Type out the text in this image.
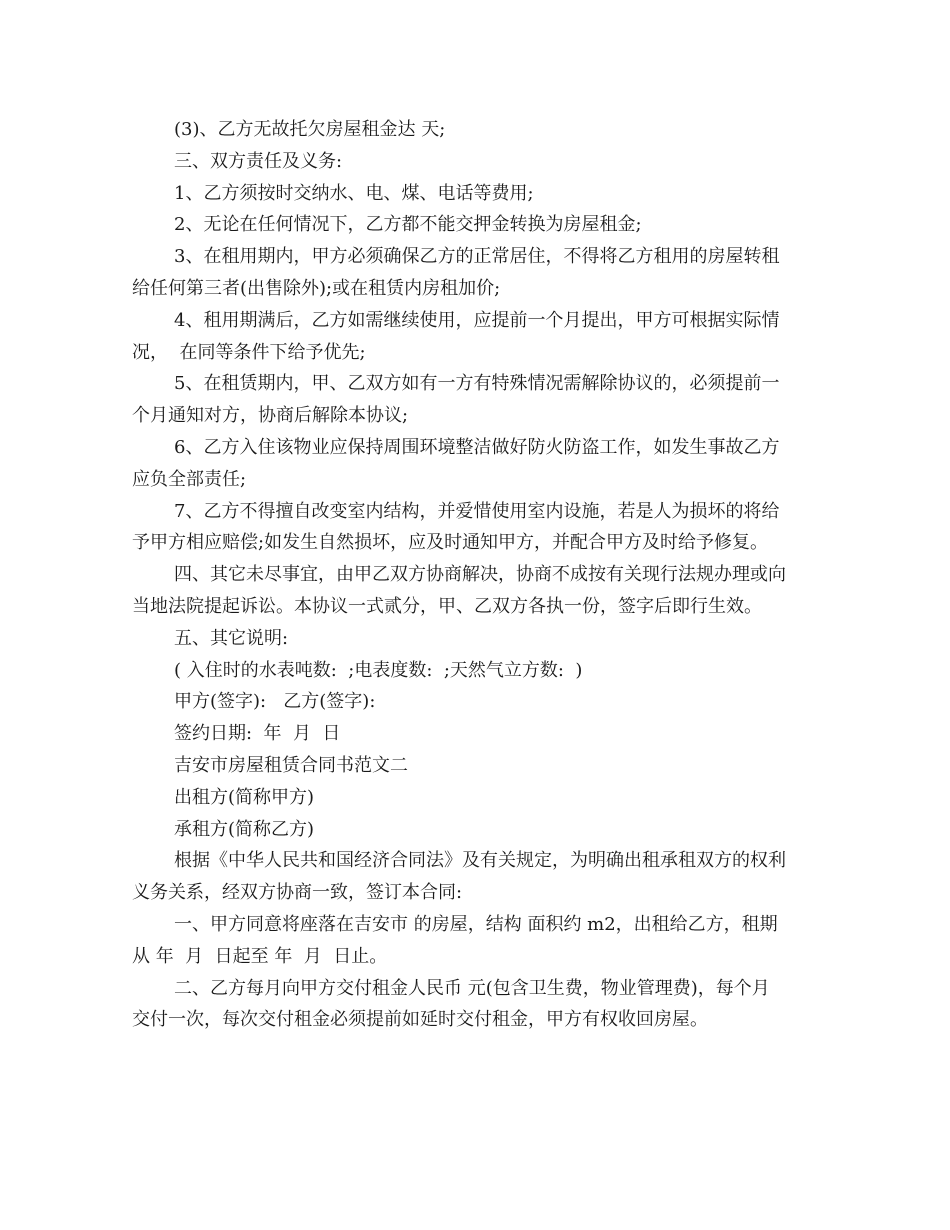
(3)、乙方无故托欠房屋租金达 天;
三、双方责任及义务:
1、乙方须按时交纳水、电、煤、电话等费用;
2、无论在任何情况下，乙方都不能交押金转换为房屋租金;
3、在租用期内，甲方必须确保乙方的正常居住，不得将乙方租用的房屋转租
给任何第三者(出售除外);或在租赁内房租加价;
4、租用期满后，乙方如需继续使用，应提前一个月提出，甲方可根据实际情
况，  在同等条件下给予优先;
5、在租赁期内，甲、乙双方如有一方有特殊情况需解除协议的，必须提前一
个月通知对方，协商后解除本协议;
6、乙方入住该物业应保持周围环境整洁做好防火防盗工作，如发生事故乙方
应负全部责任;
7、乙方不得擅自改变室内结构，并爱惜使用室内设施，若是人为损坏的将给
予甲方相应赔偿;如发生自然损坏，应及时通知甲方，并配合甲方及时给予修复。
四、其它未尽事宜，由甲乙双方协商解决，协商不成按有关现行法规办理或向
当地法院提起诉讼。本协议一式贰分，甲、乙双方各执一份，签字后即行生效。
五、其它说明:
( 入住时的水表吨数:  ;电表度数:  ;天然气立方数:  )
甲方(签字):   乙方(签字):
签约日期:  年  月  日
吉安市房屋租赁合同书范文二
出租方(简称甲方)
承租方(简称乙方)
根据《中华人民共和国经济合同法》及有关规定，为明确出租承租双方的权利
义务关系，经双方协商一致，签订本合同:
一、甲方同意将座落在吉安市 的房屋，结构 面积约 m2，出租给乙方，租期
从 年  月  日起至 年  月  日止。
二、乙方每月向甲方交付租金人民币 元(包含卫生费，物业管理费)，每个月
交付一次，每次交付租金必须提前如延时交付租金，甲方有权收回房屋。
